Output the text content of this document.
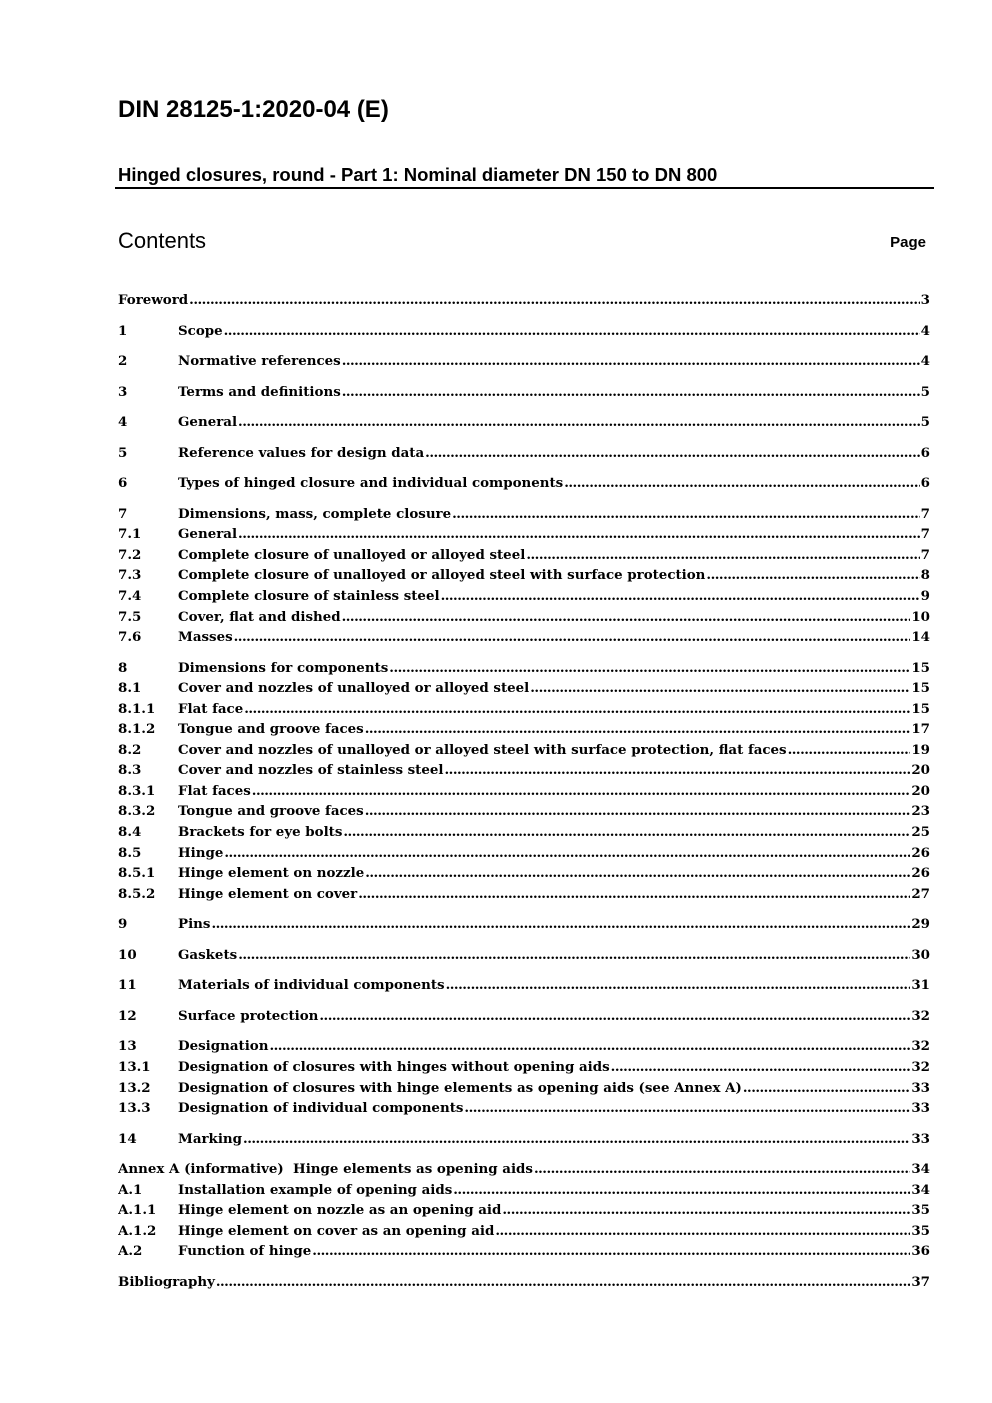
DIN 28125-1:2020-04 (E)
Hinged closures, round - Part 1: Nominal diameter DN 150 to DN 800
Contents	Page
Foreword .....	3
1	Scope .....	4
2	Normative references .....	4
3	Terms and definitions .....	5
4	General .....	5
5	Reference values for design data .....	6
6	Types of hinged closure and individual components .....	6
7	Dimensions, mass, complete closure .....	7
7.1	General .....	7
7.2	Complete closure of unalloyed or alloyed steel .....	7
7.3	Complete closure of unalloyed or alloyed steel with surface protection .....	8
7.4	Complete closure of stainless steel .....	9
7.5	Cover, flat and dished .....	10
7.6	Masses .....	14
8	Dimensions for components .....	15
8.1	Cover and nozzles of unalloyed or alloyed steel .....	15
8.1.1	Flat face .....	15
8.1.2	Tongue and groove faces .....	17
8.2	Cover and nozzles of unalloyed or alloyed steel with surface protection, flat faces .....	19
8.3	Cover and nozzles of stainless steel .....	20
8.3.1	Flat faces .....	20
8.3.2	Tongue and groove faces .....	23
8.4	Brackets for eye bolts .....	25
8.5	Hinge .....	26
8.5.1	Hinge element on nozzle .....	26
8.5.2	Hinge element on cover .....	27
9	Pins .....	29
10	Gaskets .....	30
11	Materials of individual components .....	31
12	Surface protection .....	32
13	Designation .....	32
13.1	Designation of closures with hinges without opening aids .....	32
13.2	Designation of closures with hinge elements as opening aids (see Annex A) .....	33
13.3	Designation of individual components .....	33
14	Marking .....	33
Annex A (informative)  Hinge elements as opening aids .....	34
A.1	Installation example of opening aids .....	34
A.1.1	Hinge element on nozzle as an opening aid .....	35
A.1.2	Hinge element on cover as an opening aid .....	35
A.2	Function of hinge .....	36
Bibliography .....	37
